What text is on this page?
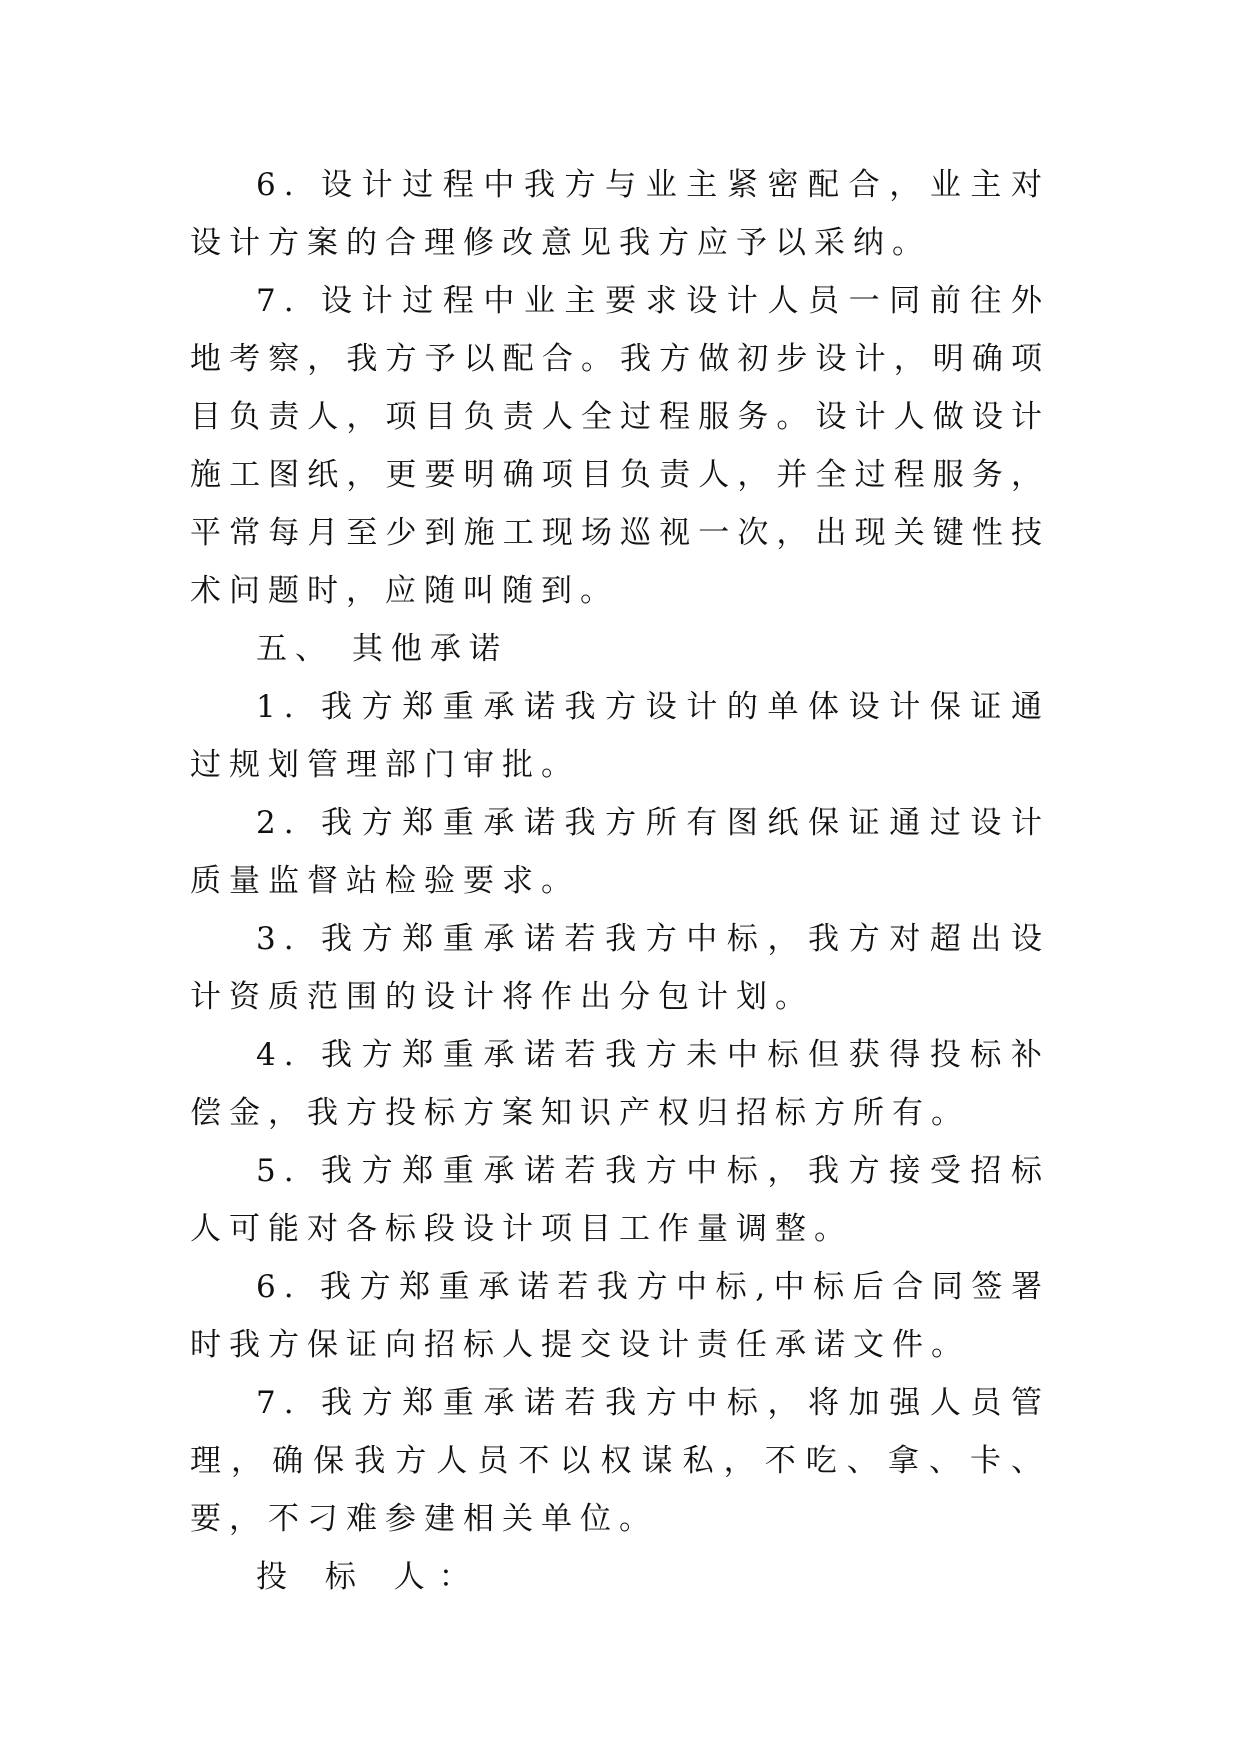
6. 设计过程中我方与业主紧密配合，业主对设计方案的合理修改意见我方应予以采纳。

7. 设计过程中业主要求设计人员一同前往外地考察，我方予以配合。我方做初步设计，明确项目负责人，项目负责人全过程服务。设计人做设计施工图纸，更要明确项目负责人，并全过程服务，平常每月至少到施工现场巡视一次，出现关键性技术问题时，应随叫随到。

五、 其他承诺

1. 我方郑重承诺我方设计的单体设计保证通过规划管理部门审批。

2. 我方郑重承诺我方所有图纸保证通过设计质量监督站检验要求。

3. 我方郑重承诺若我方中标，我方对超出设计资质范围的设计将作出分包计划。

4. 我方郑重承诺若我方未中标但获得投标补偿金，我方投标方案知识产权归招标方所有。

5. 我方郑重承诺若我方中标，我方接受招标人可能对各标段设计项目工作量调整。

6. 我方郑重承诺若我方中标,中标后合同签署时我方保证向招标人提交设计责任承诺文件。

7. 我方郑重承诺若我方中标，将加强人员管理，确保我方人员不以权谋私，不吃、拿、卡、要，不刁难参建相关单位。

投 标 人：
